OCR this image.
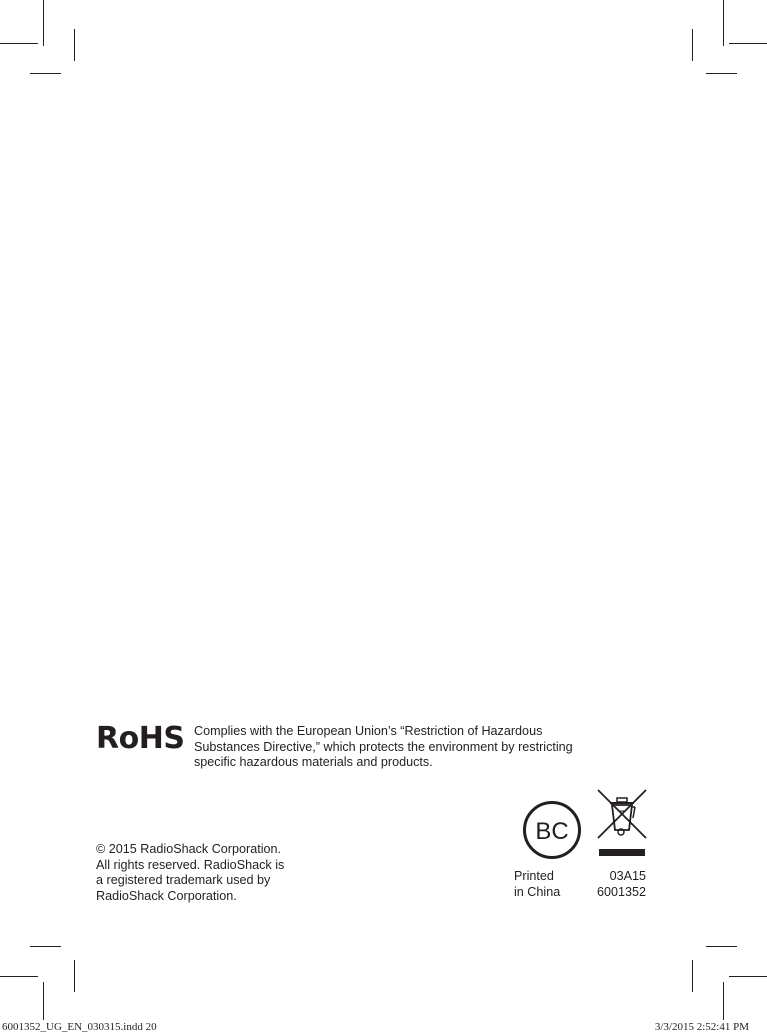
RoHS Complies with the European Union’s “Restriction of Hazardous
Substances Directive,” which protects the environment by restricting
specific hazardous materials and products.
© 2015 RadioShack Corporation.
All rights reserved. RadioShack is
a registered trademark used by
RadioShack Corporation.
BC
Printed
in China
03A15
6001352
6001352_UG_EN_030315.indd 20	3/3/2015 2:52:41 PM
